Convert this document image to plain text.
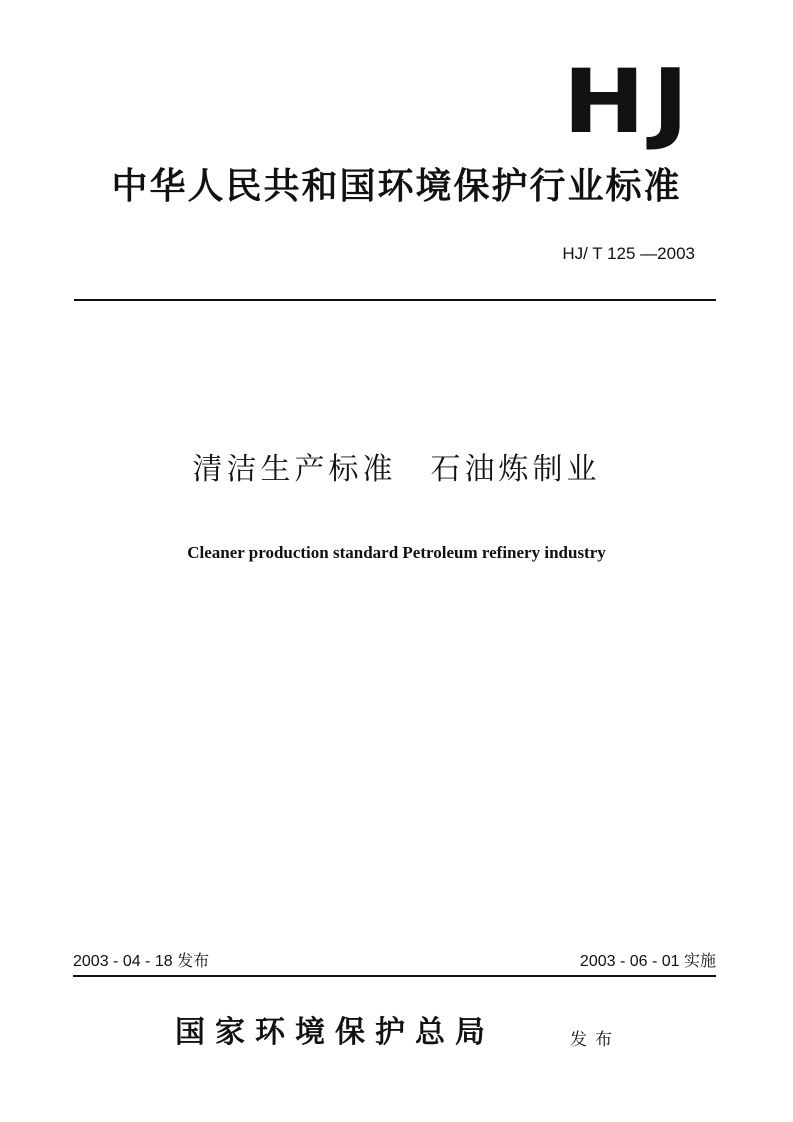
HJ
中华人民共和国环境保护行业标准
HJ/ T 125 —2003
清洁生产标准 石油炼制业
Cleaner production standard Petroleum refinery industry
2003 - 04 - 18 发布	2003 - 06 - 01 实施
国家环境保护总局	发布
